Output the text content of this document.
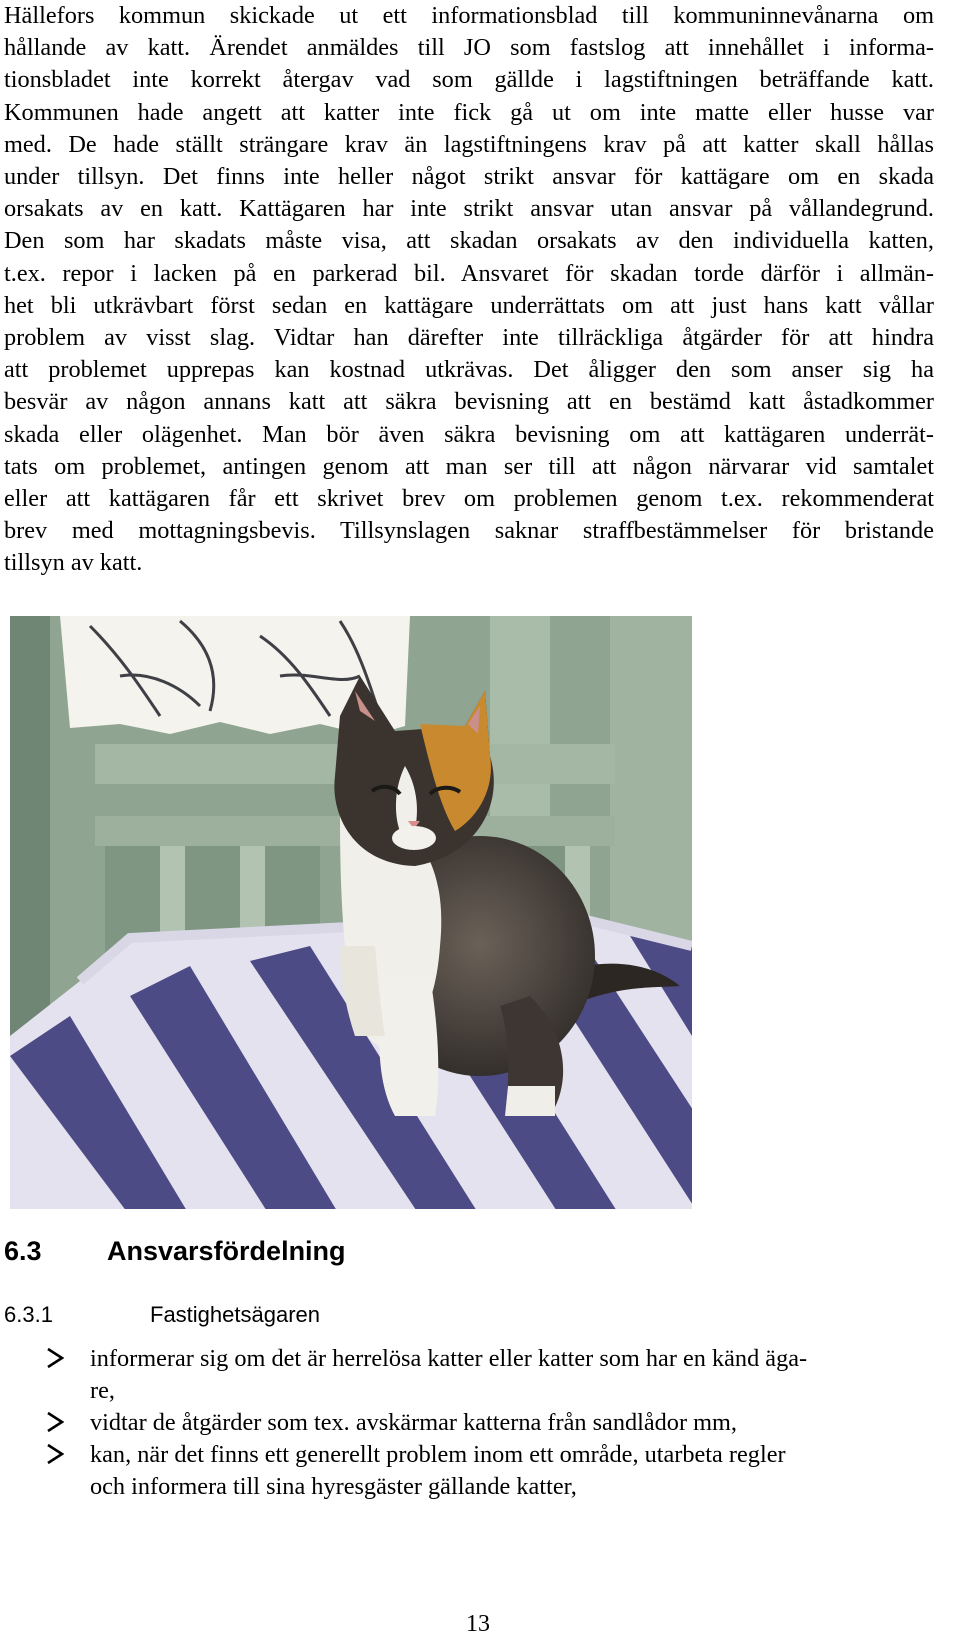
Hällefors kommun skickade ut ett informationsblad till kommuninnevånarna om
hållande av katt. Ärendet anmäldes till JO som fastslog att innehållet i informa-
tionsbladet inte korrekt återgav vad som gällde i lagstiftningen beträffande katt.
Kommunen hade angett att katter inte fick gå ut om inte matte eller husse var
med. De hade ställt strängare krav än lagstiftningens krav på att katter skall hållas
under tillsyn. Det finns inte heller något strikt ansvar för kattägare om en skada
orsakats av en katt. Kattägaren har inte strikt ansvar utan ansvar på vållandegrund.
Den som har skadats måste visa, att skadan orsakats av den individuella katten,
t.ex. repor i lacken på en parkerad bil. Ansvaret för skadan torde därför i allmän-
het bli utkrävbart först sedan en kattägare underrättats om att just hans katt vållar
problem av visst slag. Vidtar han därefter inte tillräckliga åtgärder för att hindra
att problemet upprepas kan kostnad utkrävas. Det åligger den som anser sig ha
besvär av någon annans katt att säkra bevisning att en bestämd katt åstadkommer
skada eller olägenhet. Man bör även säkra bevisning om att kattägaren underrät-
tats om problemet, antingen genom att man ser till att någon närvarar vid samtalet
eller att kattägaren får ett skrivet brev om problemen genom t.ex. rekommenderat
brev med mottagningsbevis. Tillsynslagen saknar straffbestämmelser för bristande
tillsyn av katt.
6.3 Ansvarsfördelning
6.3.1	Fastighetsägaren
informerar sig om det är herrelösa katter eller katter som har en känd äga-
re,
vidtar de åtgärder som tex. avskärmar katterna från sandlådor mm,
kan, när det finns ett generellt problem inom ett område, utarbeta regler
och informera till sina hyresgäster gällande katter,
13
